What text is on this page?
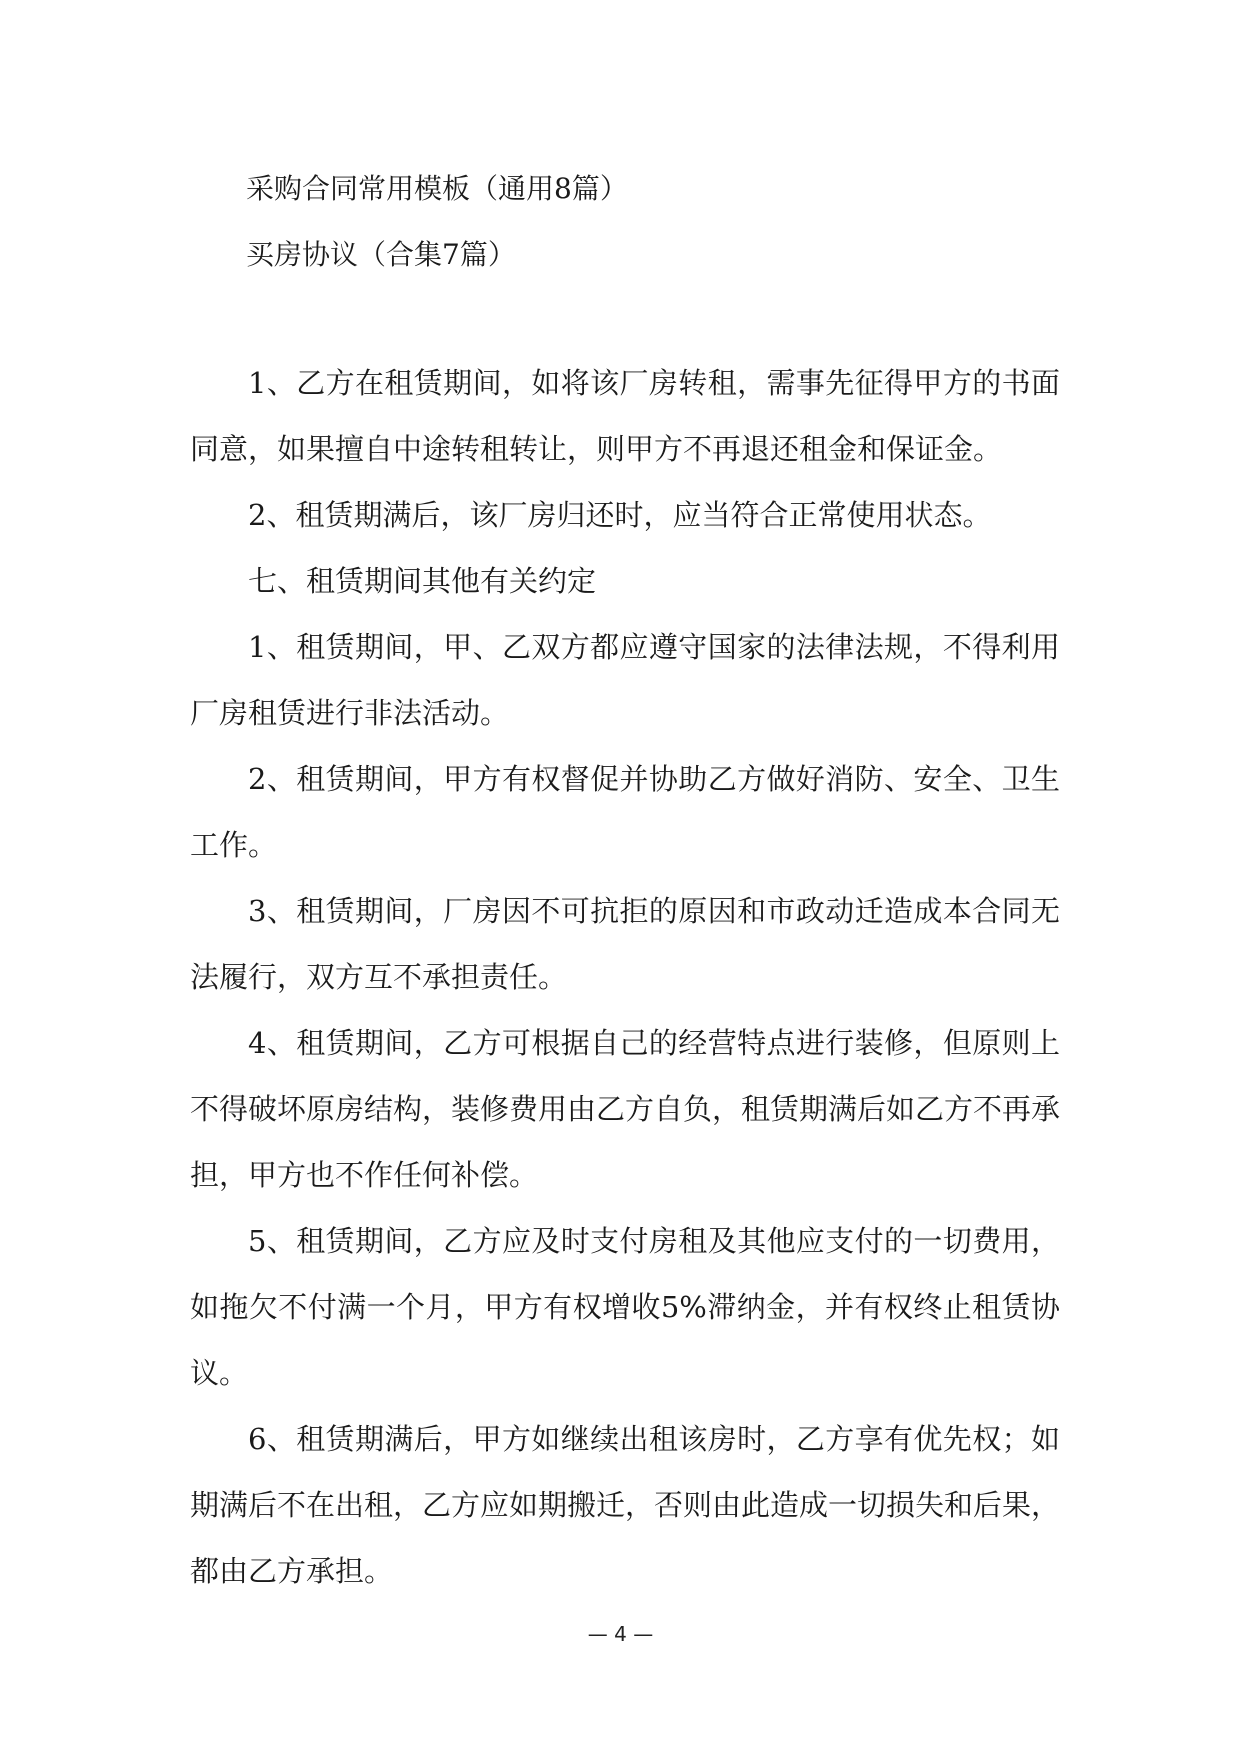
采购合同常用模板（通用8篇）
买房协议（合集7篇）

1、乙方在租赁期间，如将该厂房转租，需事先征得甲方的书面同意，如果擅自中途转租转让，则甲方不再退还租金和保证金。

2、租赁期满后，该厂房归还时，应当符合正常使用状态。

七、租赁期间其他有关约定

1、租赁期间，甲、乙双方都应遵守国家的法律法规，不得利用厂房租赁进行非法活动。

2、租赁期间，甲方有权督促并协助乙方做好消防、安全、卫生工作。

3、租赁期间，厂房因不可抗拒的原因和市政动迁造成本合同无法履行，双方互不承担责任。

4、租赁期间，乙方可根据自己的经营特点进行装修，但原则上不得破坏原房结构，装修费用由乙方自负，租赁期满后如乙方不再承担，甲方也不作任何补偿。

5、租赁期间，乙方应及时支付房租及其他应支付的一切费用，如拖欠不付满一个月，甲方有权增收5%滞纳金，并有权终止租赁协议。

6、租赁期满后，甲方如继续出租该房时，乙方享有优先权；如期满后不在出租，乙方应如期搬迁，否则由此造成一切损失和后果，都由乙方承担。

— 4 —
